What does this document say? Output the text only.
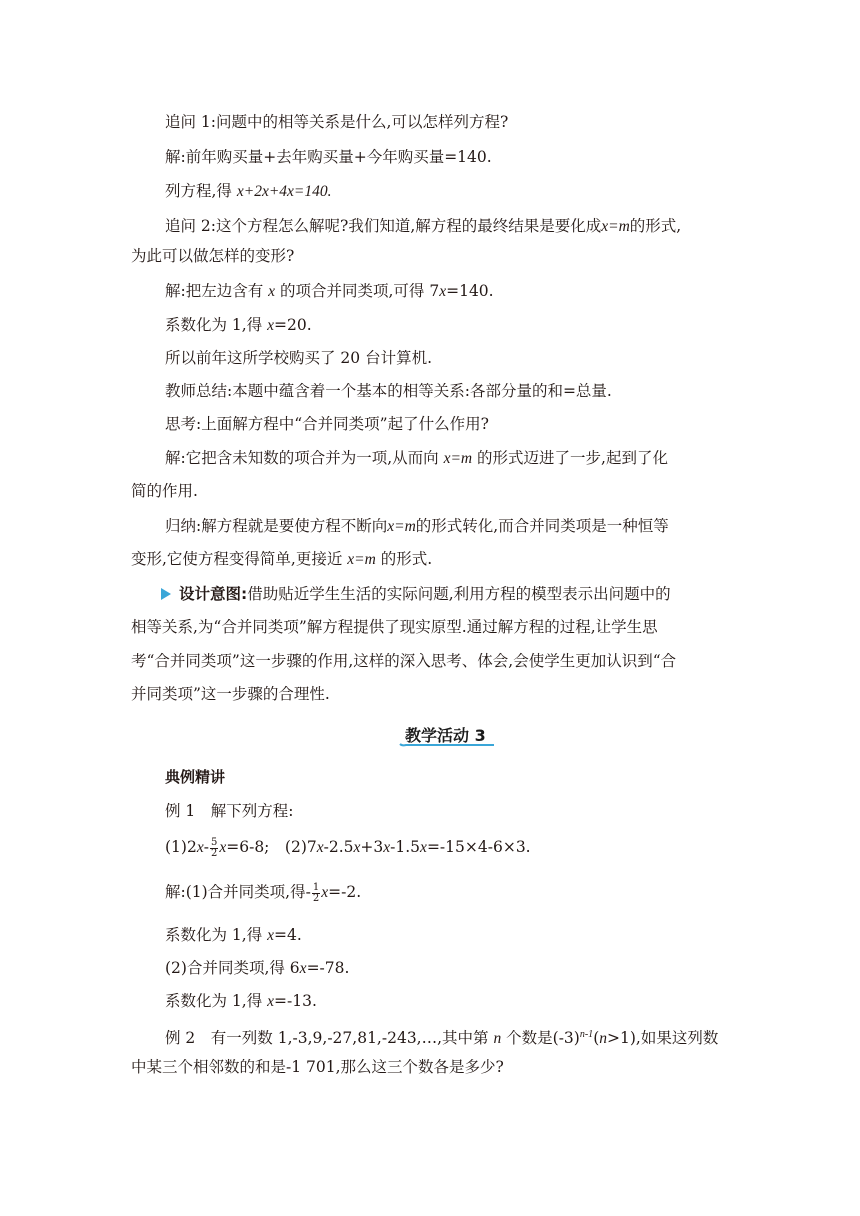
追问 1:问题中的相等关系是什么,可以怎样列方程?
解:前年购买量+去年购买量+今年购买量=140.
列方程,得 x+2x+4x=140.
追问 2:这个方程怎么解呢?我们知道,解方程的最终结果是要化成x=m的形式,
为此可以做怎样的变形?
解:把左边含有 x 的项合并同类项,可得 7x=140.
系数化为 1,得 x=20.
所以前年这所学校购买了 20 台计算机.
教师总结:本题中蕴含着一个基本的相等关系:各部分量的和=总量.
思考:上面解方程中“合并同类项”起了什么作用?
解:它把含未知数的项合并为一项,从而向 x=m 的形式迈进了一步,起到了化
简的作用.
归纳:解方程就是要使方程不断向x=m的形式转化,而合并同类项是一种恒等
变形,它使方程变得简单,更接近 x=m 的形式.
设计意图:借助贴近学生生活的实际问题,利用方程的模型表示出问题中的
相等关系,为“合并同类项”解方程提供了现实原型.通过解方程的过程,让学生思
考“合并同类项”这一步骤的作用,这样的深入思考、体会,会使学生更加认识到“合
并同类项”这一步骤的合理性.
教学活动 3
典例精讲
例 1　解下列方程:
$(1)2x- \frac{5}{2} x=6-8$;　(2)7x-2.5x+3x-1.5x=-15×4-6×3.
解:(1)合并同类项,得- $\frac{1}{2} x=-2$.
系数化为 1,得 x=4.
(2)合并同类项,得 6x=-78.
系数化为 1,得 x=-13.
例 2　有一列数 1,-3,9,-27,81,-243,…,其中第 n 个数是$(-3)^{n-1}(n>1)$,如果这列数
中某三个相邻数的和是-1 701,那么这三个数各是多少?
